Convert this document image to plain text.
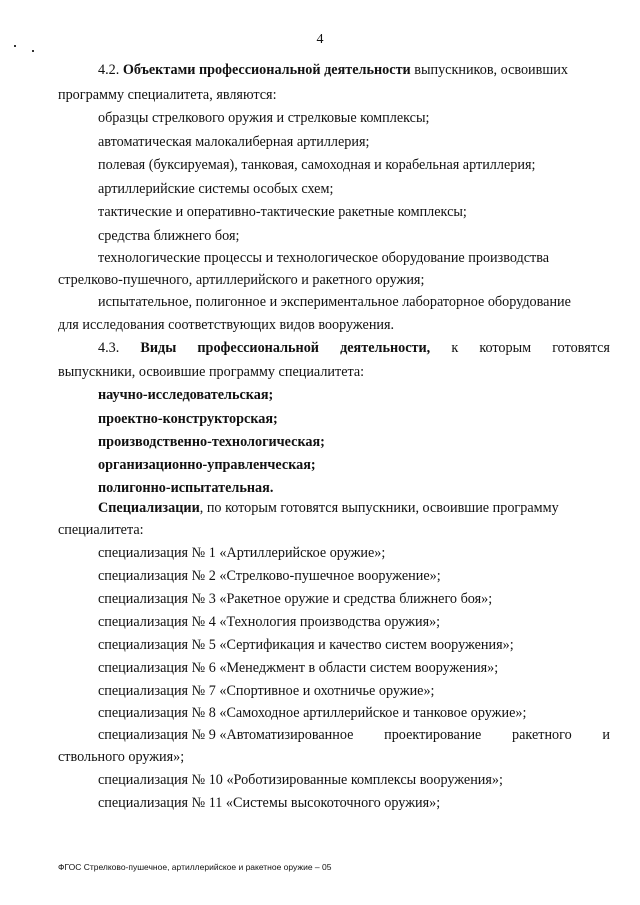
4
4.2. Объектами профессиональной деятельности выпускников, освоивших
программу специалитета, являются:
образцы стрелкового оружия и стрелковые комплексы;
автоматическая малокалиберная артиллерия;
полевая (буксируемая), танковая, самоходная и корабельная артиллерия;
артиллерийские системы особых схем;
тактические и оперативно-тактические ракетные комплексы;
средства ближнего боя;
технологические процессы и технологическое оборудование производства
стрелково-пушечного, артиллерийского и ракетного оружия;
испытательное, полигонное и экспериментальное лабораторное оборудование
для исследования соответствующих видов вооружения.
4.3. Виды профессиональной деятельности, к которым готовятся
выпускники, освоившие программу специалитета:
научно-исследовательская;
проектно-конструкторская;
производственно-технологическая;
организационно-управленческая;
полигонно-испытательная.
Специализации, по которым готовятся выпускники, освоившие программу
специалитета:
специализация № 1 «Артиллерийское оружие»;
специализация № 2 «Стрелково-пушечное вооружение»;
специализация № 3 «Ракетное оружие и средства ближнего боя»;
специализация № 4 «Технология производства оружия»;
специализация № 5 «Сертификация и качество систем вооружения»;
специализация № 6 «Менеджмент в области систем вооружения»;
специализация № 7 «Спортивное и охотничье оружие»;
специализация № 8 «Самоходное артиллерийское и танковое оружие»;
специализация № 9 «Автоматизированное проектирование ракетного и
ствольного оружия»;
специализация № 10 «Роботизированные комплексы вооружения»;
специализация № 11 «Системы высокоточного оружия»;
ФГОС Стрелково-пушечное, артиллерийское и ракетное оружие – 05
